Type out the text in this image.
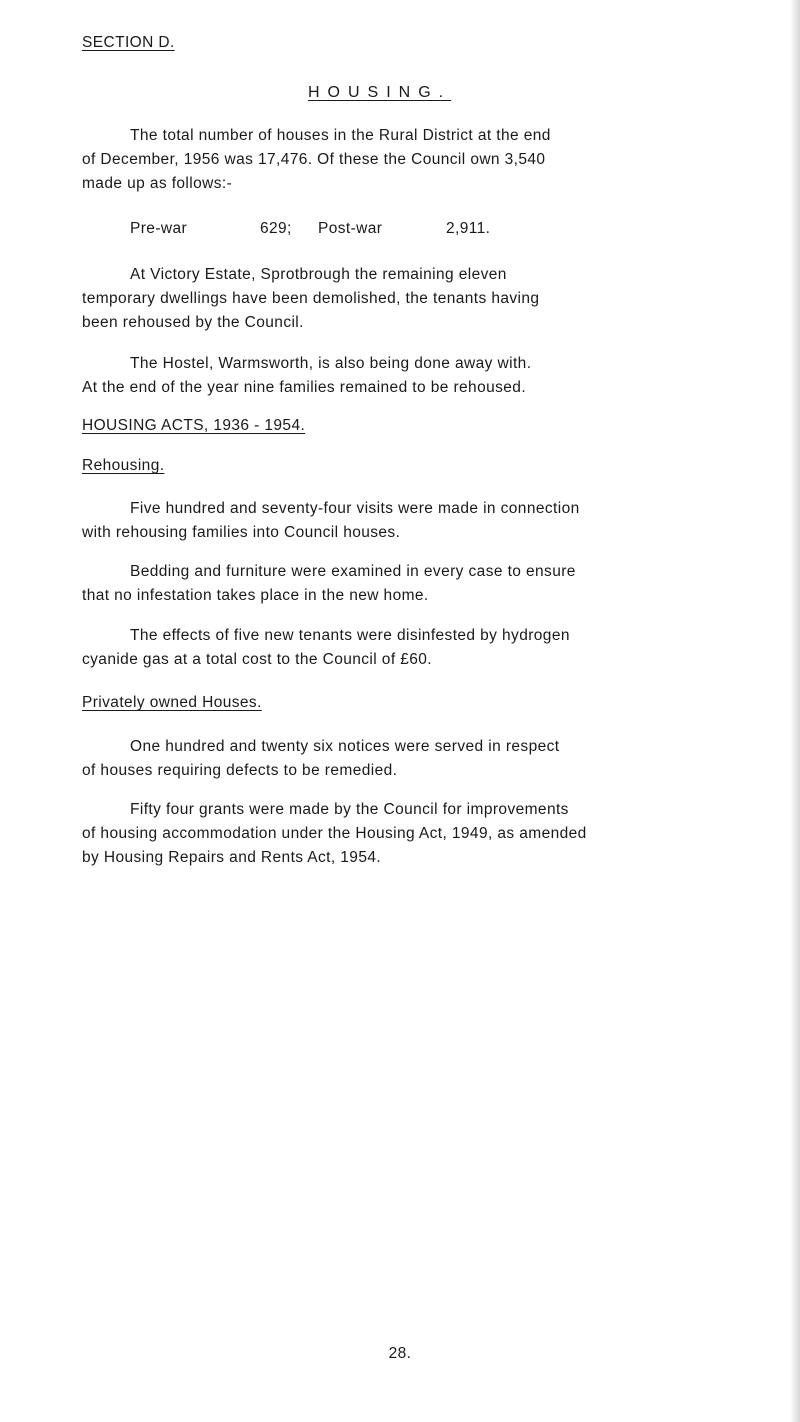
SECTION D.
HOUSING.
The total number of houses in the Rural District at the end
of December, 1956 was 17,476. Of these the Council own 3,540
made up as follows:-
Pre-war	629; Post-war	2,911.
At Victory Estate, Sprotbrough the remaining eleven
temporary dwellings have been demolished, the tenants having
been rehoused by the Council.
The Hostel, Warmsworth, is also being done away with.
At the end of the year nine families remained to be rehoused.
HOUSING ACTS, 1936 - 1954.
Rehousing.
Five hundred and seventy-four visits were made in connection
with rehousing families into Council houses.
Bedding and furniture were examined in every case to ensure
that no infestation takes place in the new home.
The effects of five new tenants were disinfested by hydrogen
cyanide gas at a total cost to the Council of £60.
Privately owned Houses.
One hundred and twenty six notices were served in respect
of houses requiring defects to be remedied.
Fifty four grants were made by the Council for improvements
of housing accommodation under the Housing Act, 1949, as amended
by Housing Repairs and Rents Act, 1954.
28.
